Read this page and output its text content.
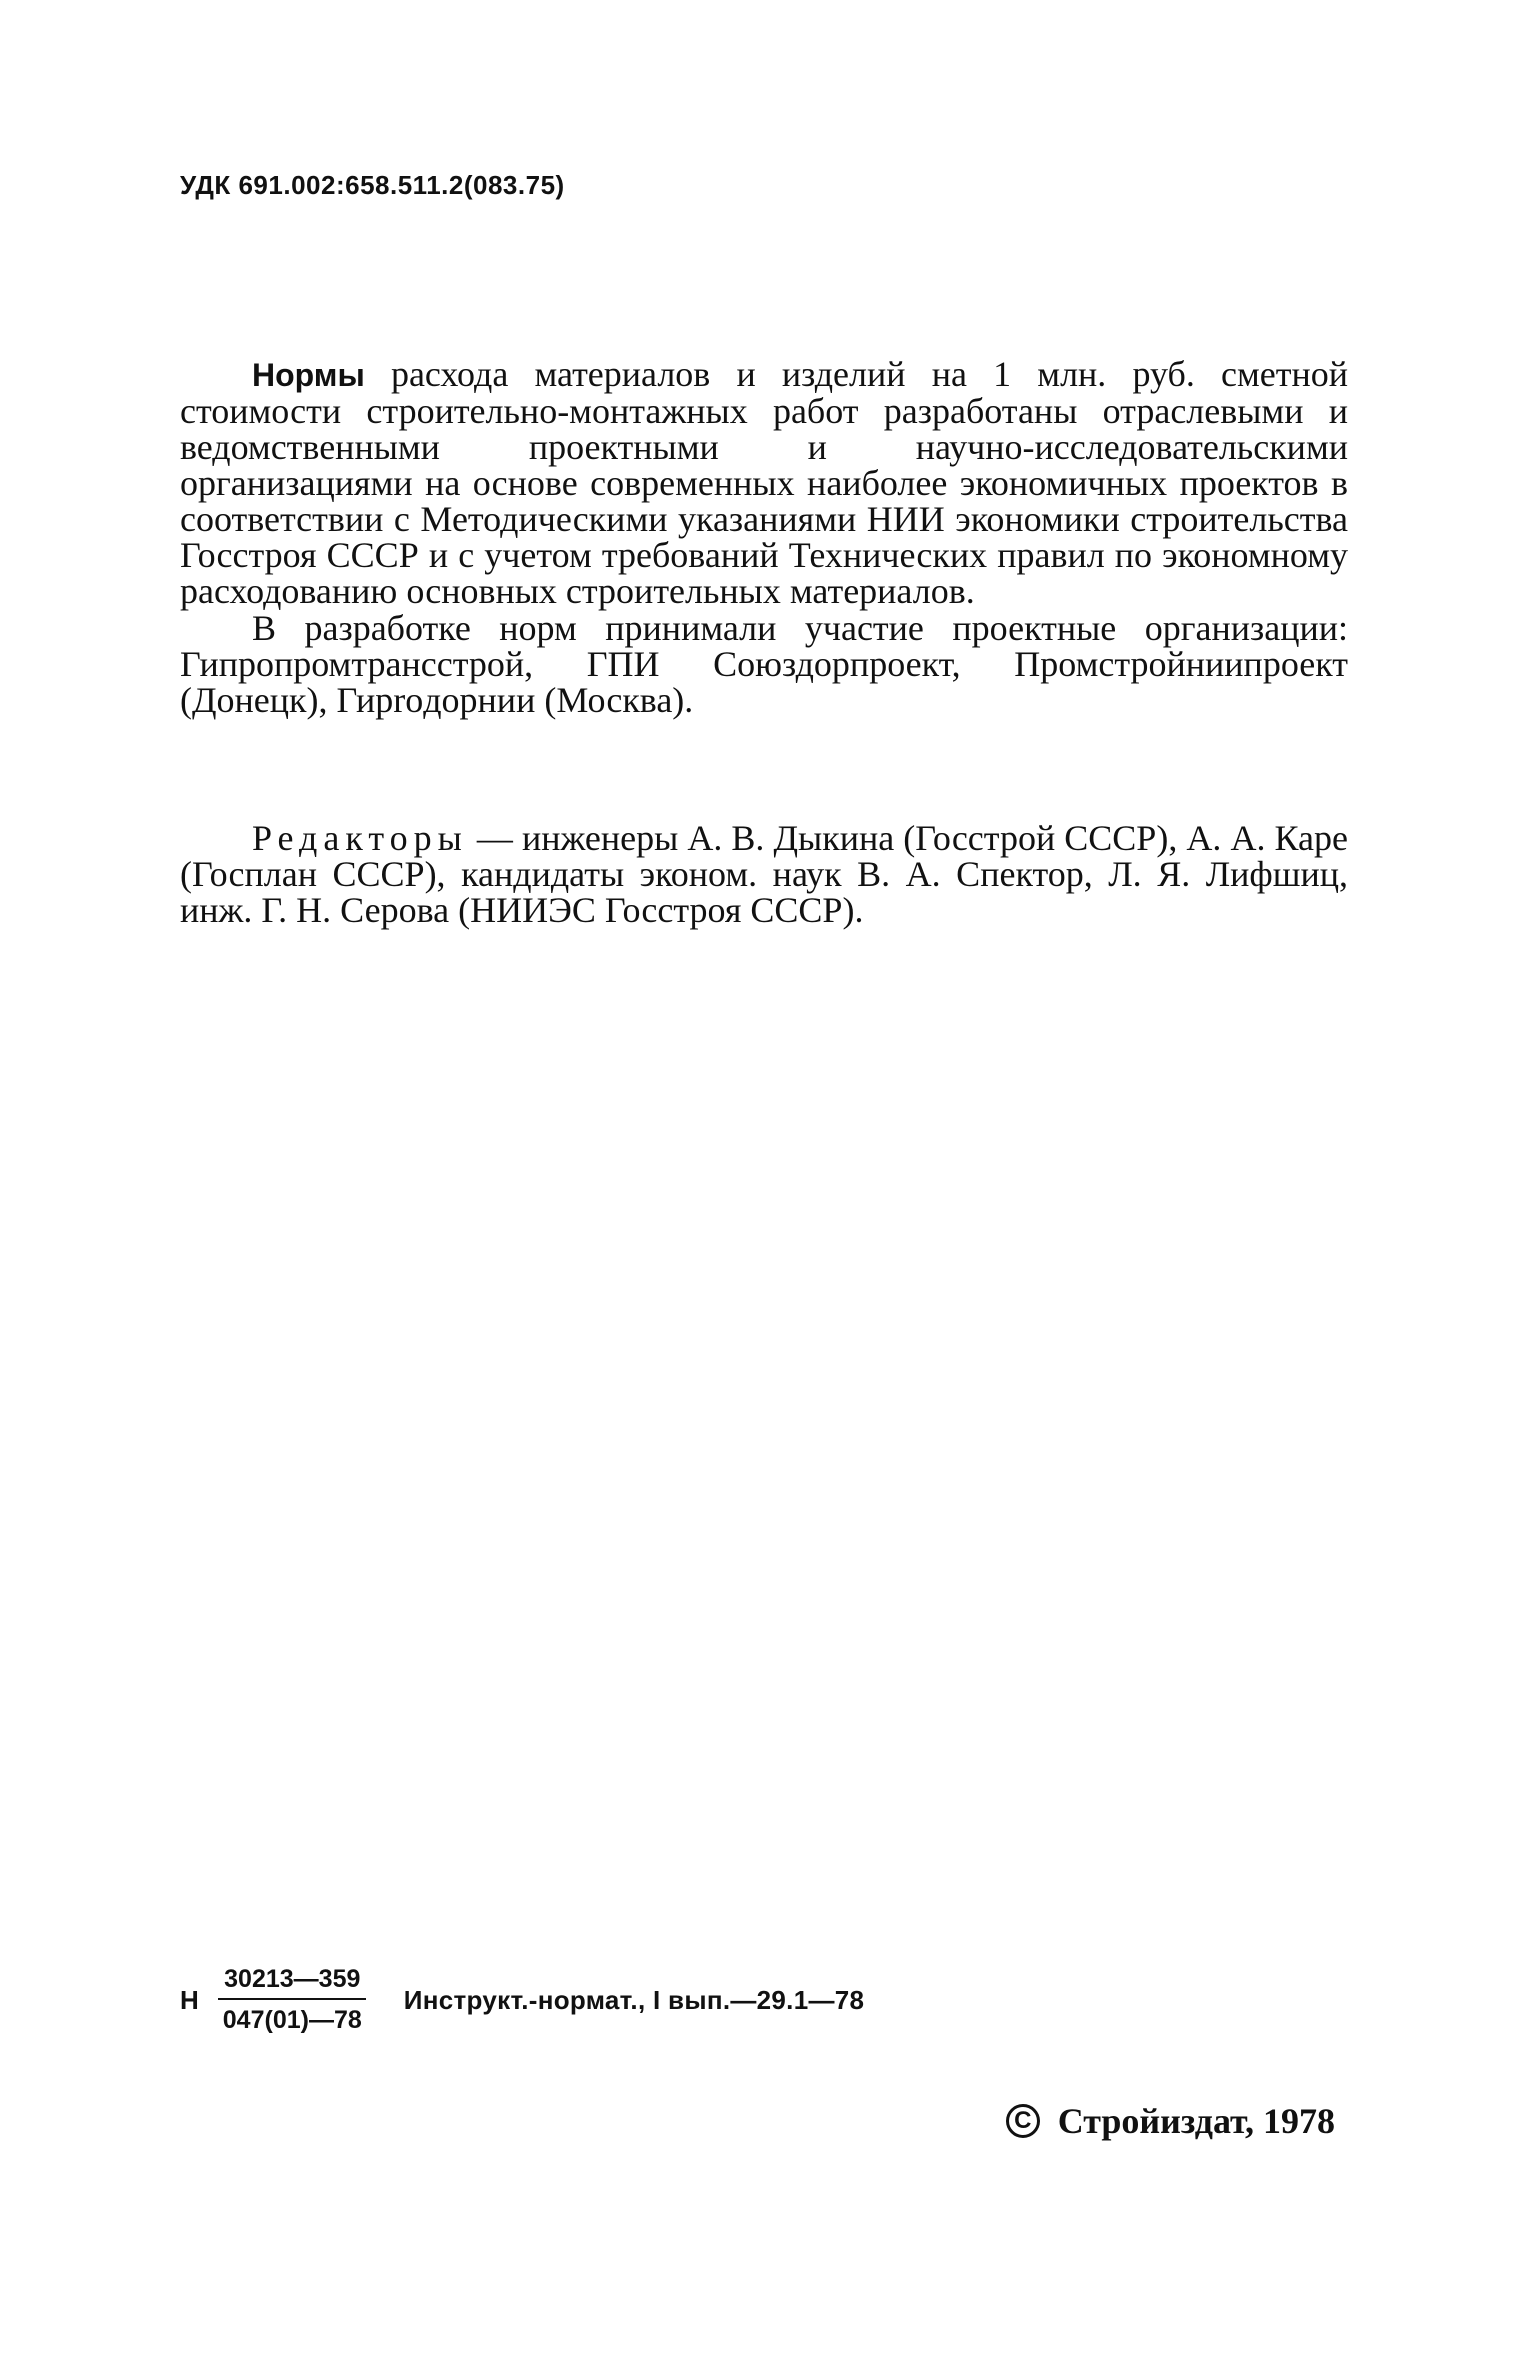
УДК 691.002:658.511.2(083.75)

Нормы расхода материалов и изделий на 1 млн. руб. сметной стоимости строительно-монтажных работ разработаны отраслевыми и ведомственными проектными и научно-исследовательскими организациями на основе современных наиболее экономичных проектов в соответствии с Методическими указаниями НИИ экономики строительства Госстроя СССР и с учетом требований Технических правил по экономному расходованию основных строительных материалов.

В разработке норм принимали участие проектные организации: Гипропромтрансстрой, ГПИ Союздорпроект, Промстройниипроект (Донецк), Гиproдорнии (Москва).

Редакторы — инженеры А. В. Дыкина (Госстрой СССР), А. А. Каре (Госплан СССР), кандидаты эконом. наук В. А. Спектор, Л. Я. Лифшиц, инж. Г. Н. Серова (НИИЭС Госстроя СССР).

Н $\frac{30213—359}{047(01)—78}$ Инструкт.-нормат., I вып.—29.1—78
C Стройиздат, 1978
